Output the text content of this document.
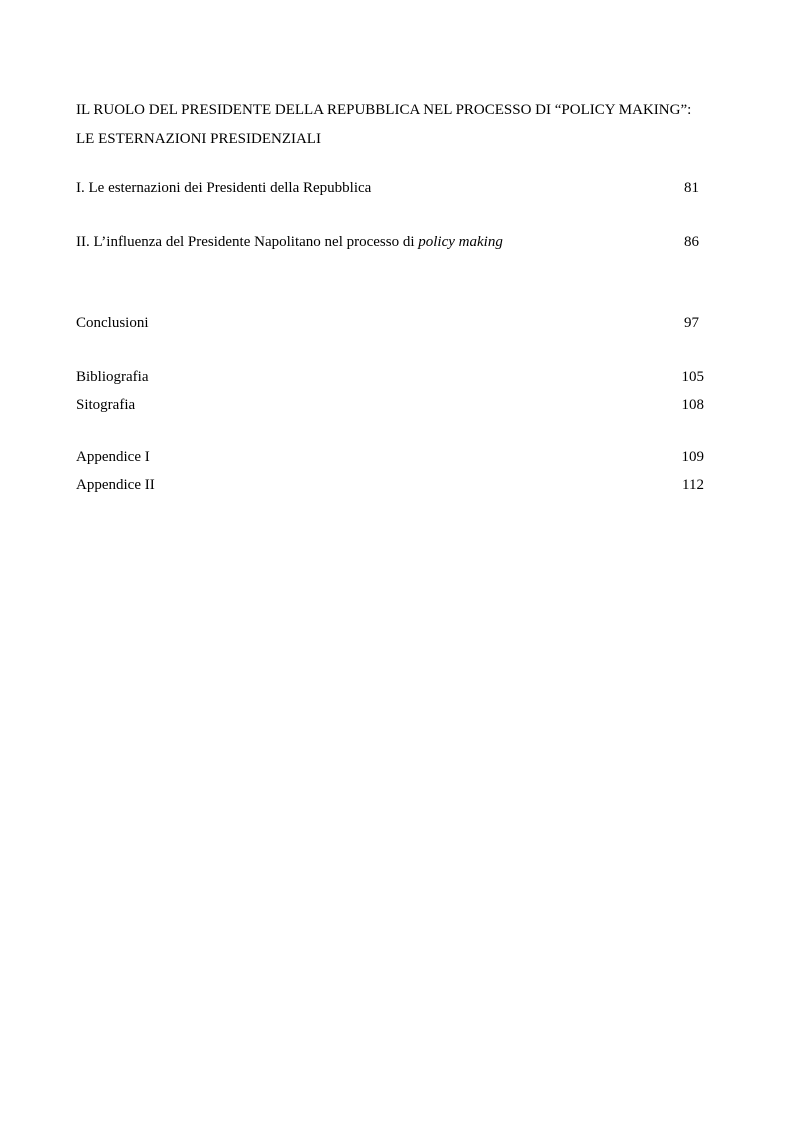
IL RUOLO DEL PRESIDENTE DELLA REPUBBLICA NEL PROCESSO DI “POLICY MAKING”: LE ESTERNAZIONI PRESIDENZIALI
I. Le esternazioni dei Presidenti della Repubblica	81
II. L’influenza del Presidente Napolitano nel processo di policy making	86
Conclusioni	97
Bibliografia	105
Sitografia	108
Appendice I	109
Appendice II	112
